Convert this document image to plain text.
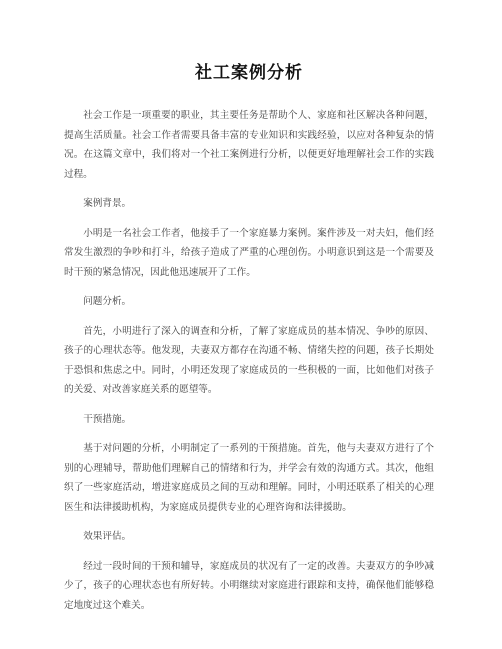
社工案例分析

社会工作是一项重要的职业，其主要任务是帮助个人、家庭和社区解决各种问题，提高生活质量。社会工作者需要具备丰富的专业知识和实践经验，以应对各种复杂的情况。在这篇文章中，我们将对一个社工案例进行分析，以便更好地理解社会工作的实践过程。

案例背景。

小明是一名社会工作者，他接手了一个家庭暴力案例。案件涉及一对夫妇，他们经常发生激烈的争吵和打斗，给孩子造成了严重的心理创伤。小明意识到这是一个需要及时干预的紧急情况，因此他迅速展开了工作。

问题分析。

首先，小明进行了深入的调查和分析，了解了家庭成员的基本情况、争吵的原因、孩子的心理状态等。他发现，夫妻双方都存在沟通不畅、情绪失控的问题，孩子长期处于恐惧和焦虑之中。同时，小明还发现了家庭成员的一些积极的一面，比如他们对孩子的关爱、对改善家庭关系的愿望等。

干预措施。

基于对问题的分析，小明制定了一系列的干预措施。首先，他与夫妻双方进行了个别的心理辅导，帮助他们理解自己的情绪和行为，并学会有效的沟通方式。其次，他组织了一些家庭活动，增进家庭成员之间的互动和理解。同时，小明还联系了相关的心理医生和法律援助机构，为家庭成员提供专业的心理咨询和法律援助。

效果评估。

经过一段时间的干预和辅导，家庭成员的状况有了一定的改善。夫妻双方的争吵减少了，孩子的心理状态也有所好转。小明继续对家庭进行跟踪和支持，确保他们能够稳定地度过这个难关。
